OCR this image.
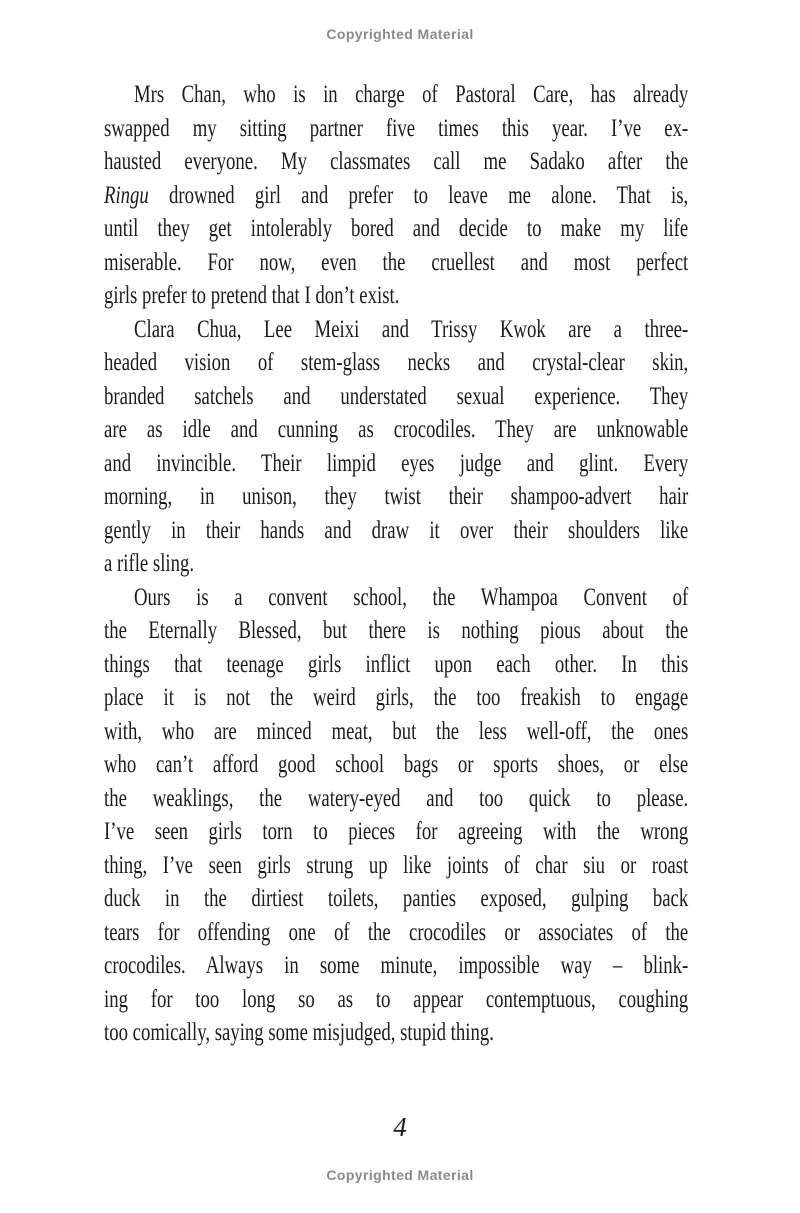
Copyrighted Material
Mrs Chan, who is in charge of Pastoral Care, has already
swapped my sitting partner five times this year. I’ve ex-
hausted everyone. My classmates call me Sadako after the
Ringu drowned girl and prefer to leave me alone. That is,
until they get intolerably bored and decide to make my life
miserable. For now, even the cruellest and most perfect
girls prefer to pretend that I don’t exist.
Clara Chua, Lee Meixi and Trissy Kwok are a three-
headed vision of stem-glass necks and crystal-clear skin,
branded satchels and understated sexual experience. They
are as idle and cunning as crocodiles. They are unknowable
and invincible. Their limpid eyes judge and glint. Every
morning, in unison, they twist their shampoo-advert hair
gently in their hands and draw it over their shoulders like
a rifle sling.
Ours is a convent school, the Whampoa Convent of
the Eternally Blessed, but there is nothing pious about the
things that teenage girls inflict upon each other. In this
place it is not the weird girls, the too freakish to engage
with, who are minced meat, but the less well-off, the ones
who can’t afford good school bags or sports shoes, or else
the weaklings, the watery-eyed and too quick to please.
I’ve seen girls torn to pieces for agreeing with the wrong
thing, I’ve seen girls strung up like joints of char siu or roast
duck in the dirtiest toilets, panties exposed, gulping back
tears for offending one of the crocodiles or associates of the
crocodiles. Always in some minute, impossible way – blink-
ing for too long so as to appear contemptuous, coughing
too comically, saying some misjudged, stupid thing.
4
Copyrighted Material
